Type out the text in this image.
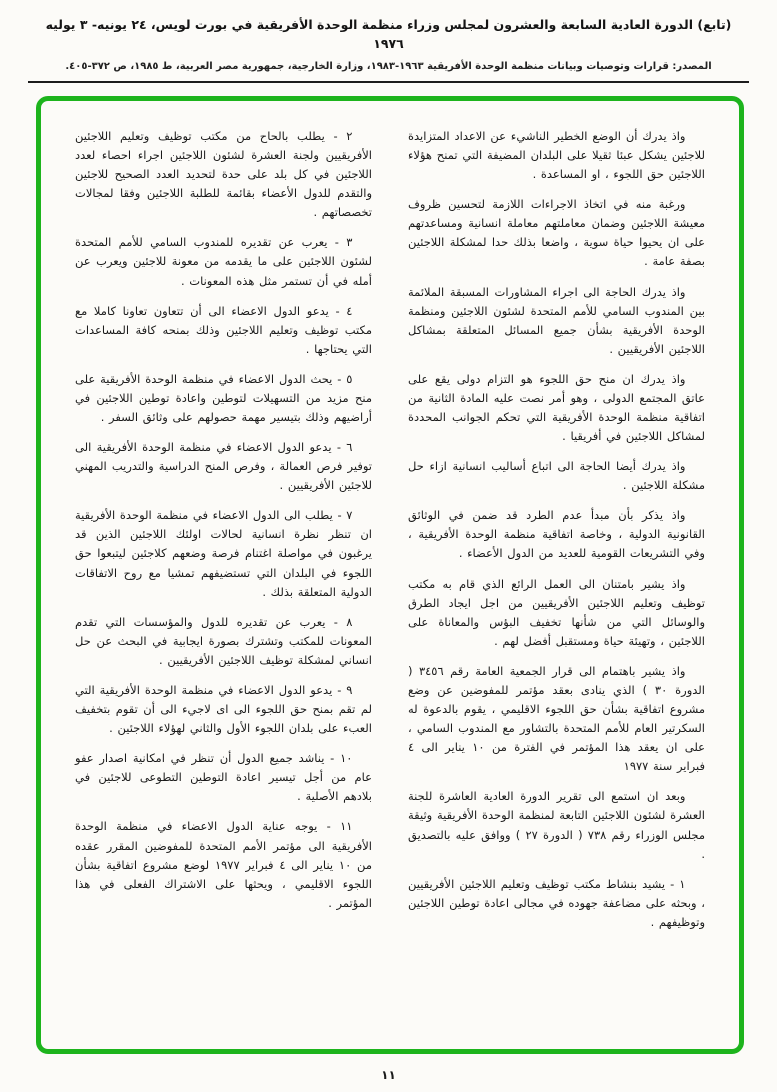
(تابع) الدورة العادية السابعة والعشرون لمجلس وزراء منظمة الوحدة الأفريقية في بورت لويس، ٢٤ يونيه- ٣ يوليه ١٩٧٦
المصدر: قرارات وتوصيات وبيانات منظمة الوحدة الأفريقية ١٩٦٣-١٩٨٣، وزارة الخارجية، جمهورية مصر العربية، ط ١٩٨٥، ص ٣٧٢-٤٠٥.

واذ يدرك أن الوضع الخطير الناشيء عن الاعداد المتزايدة للاجئين يشكل عبئا ثقيلا على البلدان المضيفة التي تمنح هؤلاء اللاجئين حق اللجوء ، او المساعدة .

ورغبة منه في اتخاذ الاجراءات اللازمة لتحسين ظروف معيشة اللاجئين وضمان معاملتهم معاملة انسانية ومساعدتهم على ان يحيوا حياة سوية ، واضعا بذلك حدا لمشكلة اللاجئين بصفة عامة .

واذ يدرك الحاجة الى اجراء المشاورات المسبقة الملائمة بين المندوب السامي للأمم المتحدة لشئون اللاجئين ومنظمة الوحدة الأفريقية بشأن جميع المسائل المتعلقة بمشاكل اللاجئين الأفريقيين .

واذ يدرك ان منح حق اللجوء هو التزام دولى يقع على عاتق المجتمع الدولى ، وهو أمر نصت عليه المادة الثانية من اتفاقية منظمة الوحدة الأفريقية التي تحكم الجوانب المحددة لمشاكل اللاجئين في أفريقيا .

واذ يدرك أيضا الحاجة الى اتباع أساليب انسانية ازاء حل مشكلة اللاجئين .

واذ يذكر بأن مبدأ عدم الطرد قد ضمن في الوثائق القانونية الدولية ، وخاصة اتفاقية منظمة الوحدة الأفريقية ، وفي التشريعات القومية للعديد من الدول الأعضاء .

واذ يشير بامتنان الى العمل الرائع الذي قام به مكتب توظيف وتعليم اللاجئين الأفريقيين من اجل ايجاد الطرق والوسائل التي من شأنها تخفيف البؤس والمعاناة على اللاجئين ، وتهيئة حياة ومستقبل أفضل لهم .

واذ يشير باهتمام الى قرار الجمعية العامة رقم ٣٤٥٦ ( الدورة ٣٠ ) الذي ينادى بعقد مؤتمر للمفوضين عن وضع مشروع اتفاقية بشأن حق اللجوء الاقليمي ، يقوم بالدعوة له السكرتير العام للأمم المتحدة بالتشاور مع المندوب السامي ، على ان يعقد هذا المؤتمر في الفترة من ١٠ يناير الى ٤ فبراير سنة ١٩٧٧

وبعد ان استمع الى تقرير الدورة العادية العاشرة للجنة العشرة لشئون اللاجئين التابعة لمنظمة الوحدة الأفريقية وثيقة مجلس الوزراء رقم ٧٣٨ ( الدورة ٢٧ ) ووافق عليه بالتصديق .

١ - يشيد بنشاط مكتب توظيف وتعليم اللاجئين الأفريقيين ، وبحثه على مضاعفة جهوده في مجالى اعادة توطين اللاجئين وتوظيفهم .

٢ - يطلب بالحاح من مكتب توظيف وتعليم اللاجئين الأفريقيين ولجنة العشرة لشئون اللاجئين اجراء احصاء لعدد اللاجئين في كل بلد على حدة لتحديد العدد الصحيح للاجئين والتقدم للدول الأعضاء بقائمة للطلبة اللاجئين وفقا لمجالات تخصصاتهم .

٣ - يعرب عن تقديره للمندوب السامي للأمم المتحدة لشئون اللاجئين على ما يقدمه من معونة للاجئين ويعرب عن أمله في أن تستمر مثل هذه المعونات .

٤ - يدعو الدول الاعضاء الى أن تتعاون تعاونا كاملا مع مكتب توظيف وتعليم اللاجئين وذلك بمنحه كافة المساعدات التي يحتاجها .

٥ - يحث الدول الاعضاء في منظمة الوحدة الأفريقية على منح مزيد من التسهيلات لتوطين واعادة توطين اللاجئين في أراضيهم وذلك بتيسير مهمة حصولهم على وثائق السفر .

٦ - يدعو الدول الاعضاء في منظمة الوحدة الأفريقية الى توفير فرص العمالة ، وفرص المنح الدراسية والتدريب المهني للاجئين الأفريقيين .

٧ - يطلب الى الدول الاعضاء في منظمة الوحدة الأفريقية ان تنظر نظرة انسانية لحالات اولئك اللاجئين الذين قد يرغبون في مواصلة اغتنام فرصة وضعهم كلاجئين ليتبعوا حق اللجوء في البلدان التي تستضيفهم تمشيا مع روح الاتفاقات الدولية المتعلقة بذلك .

٨ - يعرب عن تقديره للدول والمؤسسات التي تقدم المعونات للمكتب وتشترك بصورة ايجابية في البحث عن حل انساني لمشكلة توظيف اللاجئين الأفريقيين .

٩ - يدعو الدول الاعضاء في منظمة الوحدة الأفريقية التي لم تقم بمنح حق اللجوء الى اى لاجيء الى أن تقوم بتخفيف العبء على بلدان اللجوء الأول والثاني لهؤلاء اللاجئين .

١٠ - يناشد جميع الدول أن تنظر في امكانية اصدار عفو عام من أجل تيسير اعادة التوطين التطوعى للاجئين في بلادهم الأصلية .

١١ - يوجه عناية الدول الاعضاء في منظمة الوحدة الأفريقية الى مؤتمر الأمم المتحدة للمفوضين المقرر عقده من ١٠ يناير الى ٤ فبراير ١٩٧٧ لوضع مشروع اتفاقية بشأن اللجوء الاقليمي ، ويحثها على الاشتراك الفعلى في هذا المؤتمر .

١١
